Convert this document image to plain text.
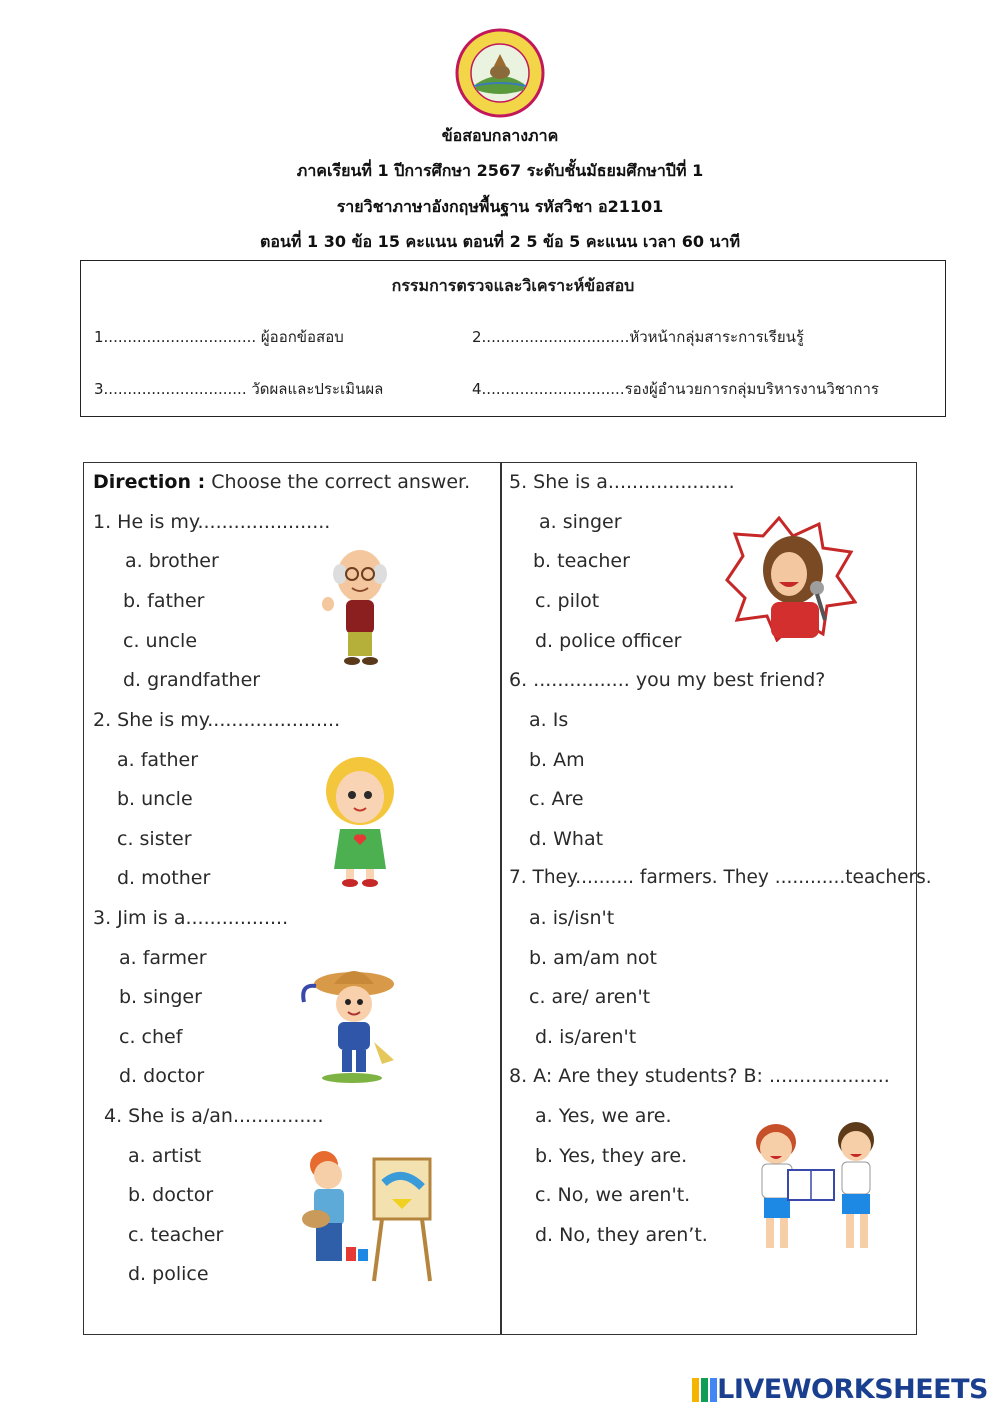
ข้อสอบกลางภาค
ภาคเรียนที่ 1 ปีการศึกษา 2567 ระดับชั้นมัธยมศึกษาปีที่ 1
รายวิชาภาษาอังกฤษพื้นฐาน รหัสวิชา อ21101
ตอนที่ 1 30 ข้อ 15 คะแนน ตอนที่ 2 5 ข้อ 5 คะแนน เวลา 60 นาที
กรรมการตรวจและวิเคราะห์ข้อสอบ
1................................ ผู้ออกข้อสอบ	2...............................หัวหน้ากลุ่มสาระการเรียนรู้
3.............................. วัดผลและประเมินผล	4..............................รองผู้อำนวยการกลุ่มบริหารงานวิชาการ
Direction : Choose the correct answer.
1. He is my......................
a. brother
b. father
c. uncle
d. grandfather
2. She is my......................
a. father
b. uncle
c. sister
d. mother
3. Jim is a.................
a. farmer
b. singer
c. chef
d. doctor
4. She is a/an...............
a. artist
b. doctor
c. teacher
d. police
5. She is a.....................
a. singer
b. teacher
c. pilot
d. police officer
6. ................ you my best friend?
a. Is
b. Am
c. Are
d. What
7. They.......... farmers. They ............teachers.
a. is/isn't
b. am/am not
c. are/ aren't
d. is/aren't
8. A: Are they students? B: ....................
a. Yes, we are.
b. Yes, they are.
c. No, we aren't.
d. No, they aren’t.
LIVEWORKSHEETS
